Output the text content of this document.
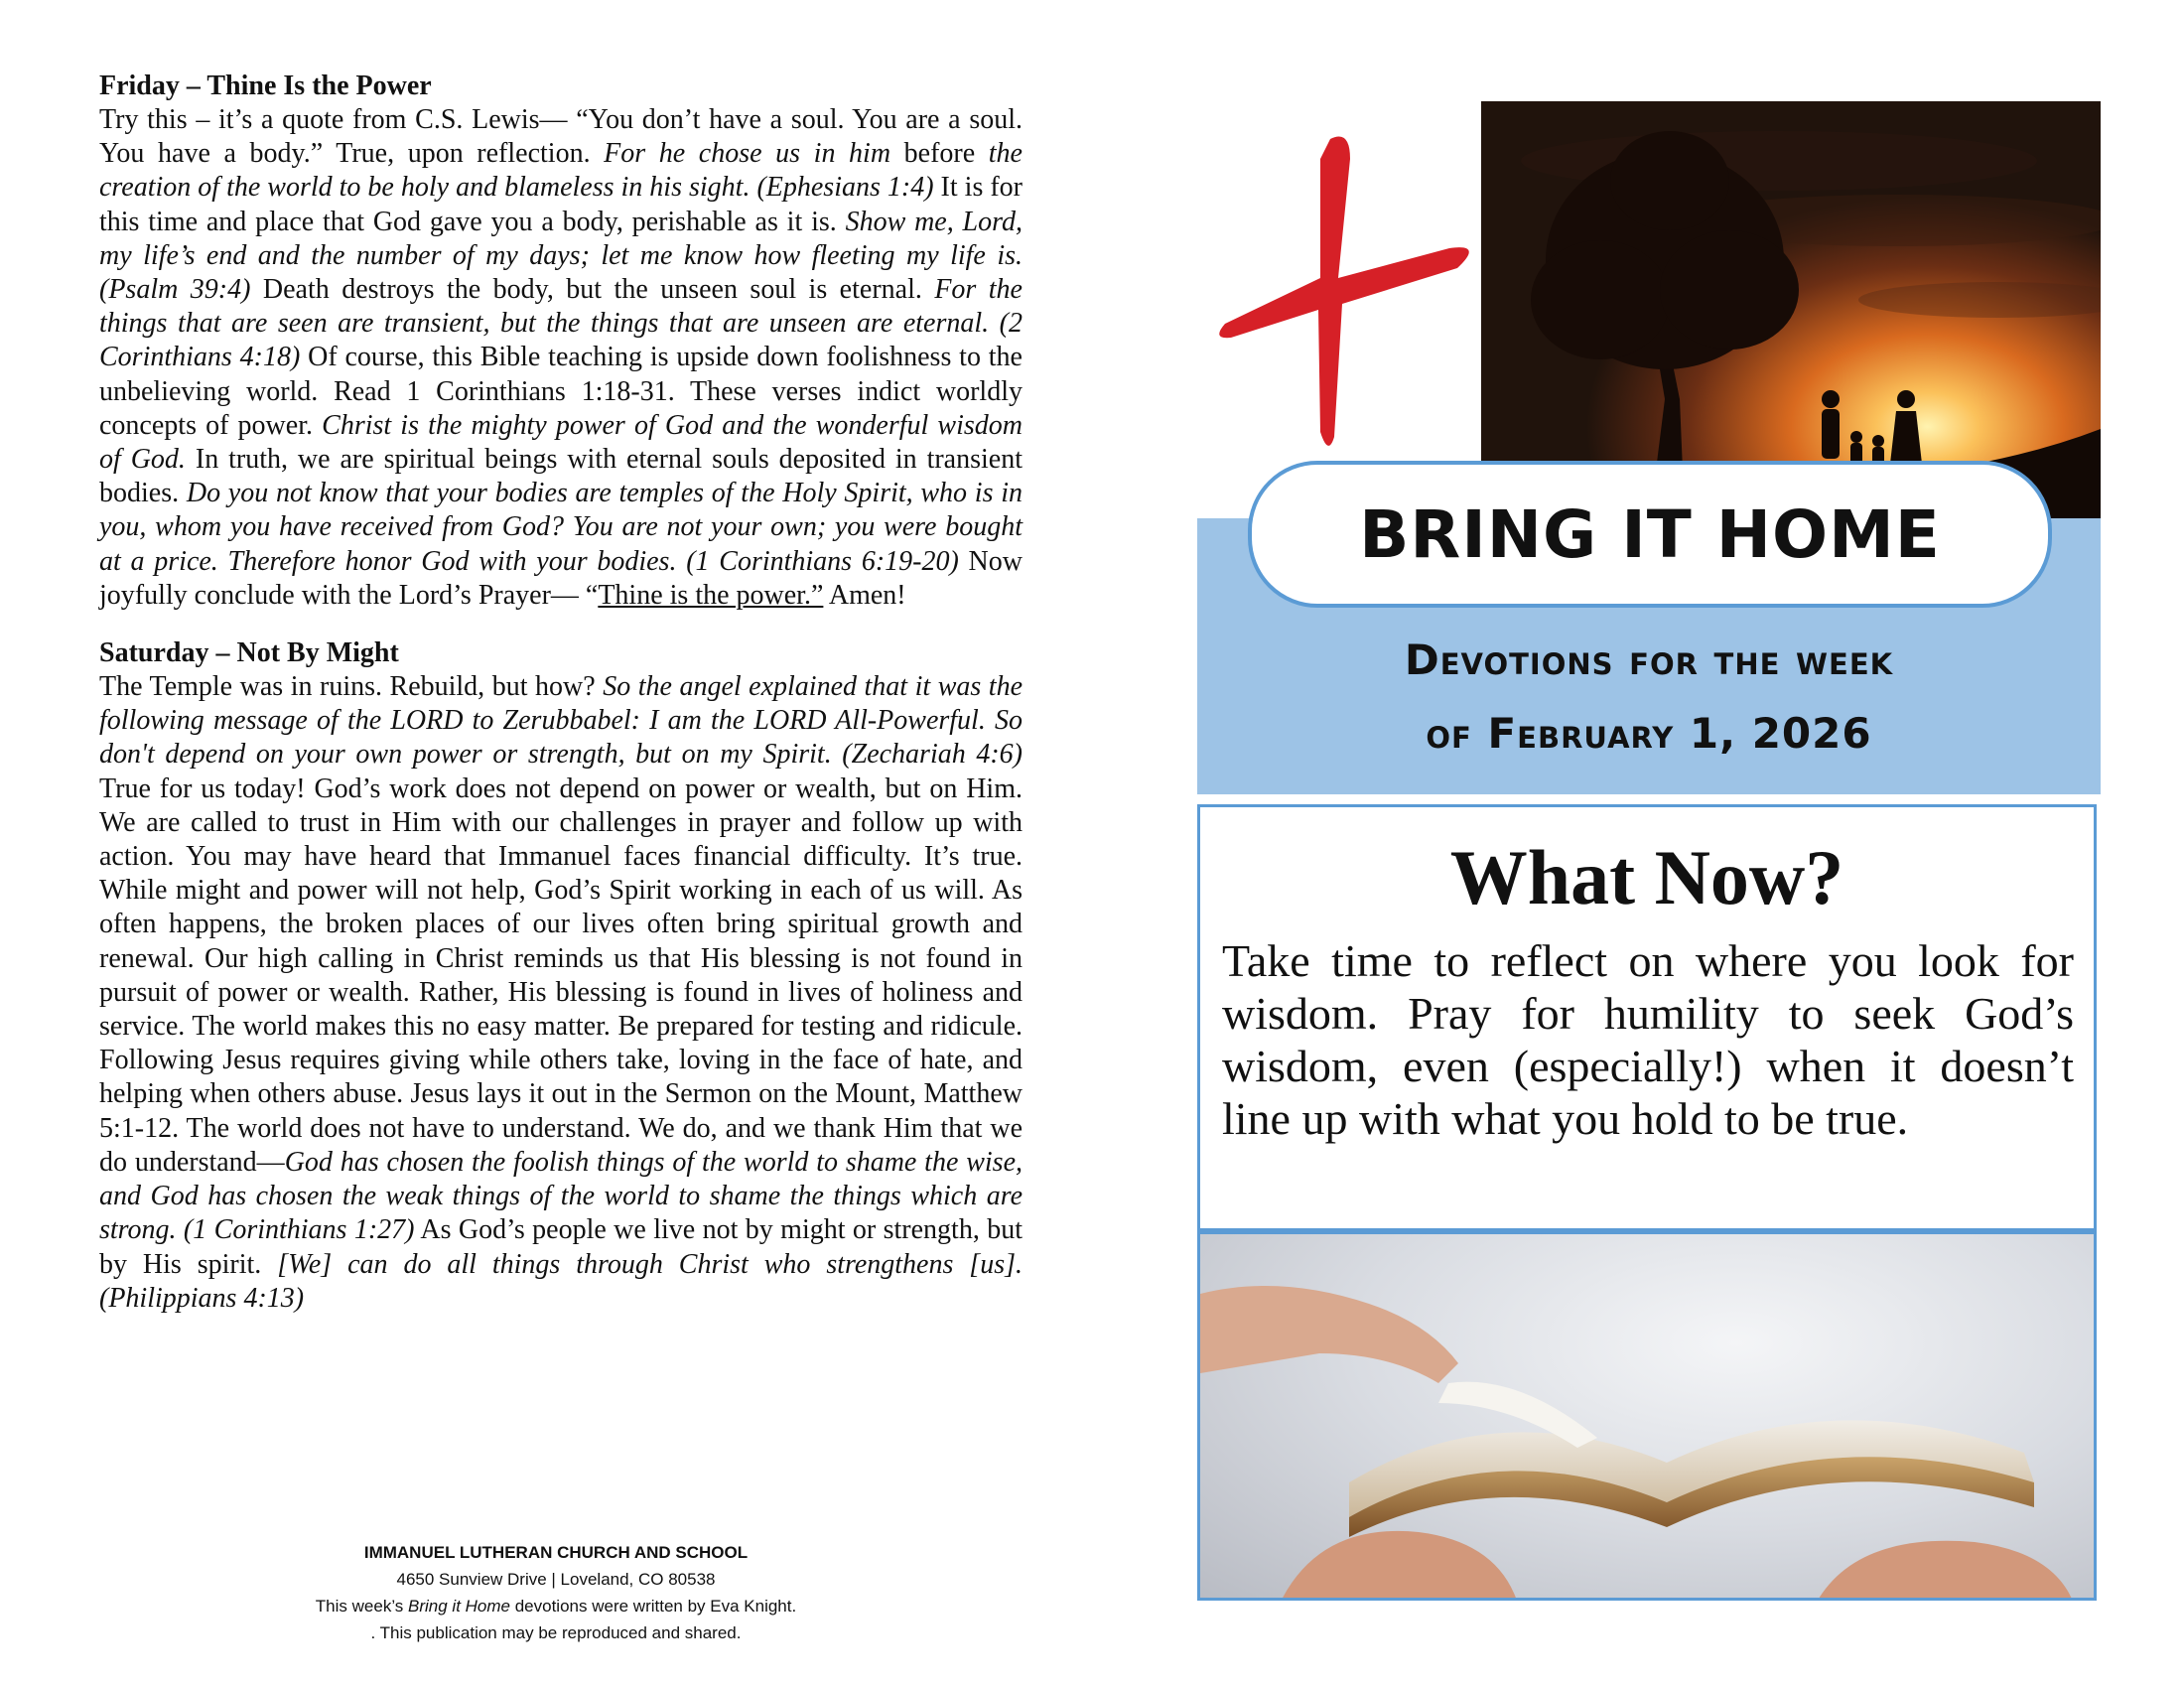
Friday – Thine Is the Power

Try this – it’s a quote from C.S. Lewis— “You don’t have a soul. You are a soul. You have a body.” True, upon reflection. For he chose us in him before the creation of the world to be holy and blameless in his sight. (Ephesians 1:4) It is for this time and place that God gave you a body, perishable as it is. Show me, Lord, my life’s end and the number of my days; let me know how fleeting my life is. (Psalm 39:4) Death destroys the body, but the unseen soul is eternal. For the things that are seen are transient, but the things that are unseen are eternal. (2 Corinthians 4:18) Of course, this Bible teaching is upside down foolishness to the unbelieving world. Read 1 Corinthians 1:18-31. These verses indict worldly concepts of power. Christ is the mighty power of God and the wonderful wisdom of God. In truth, we are spiritual beings with eternal souls deposited in transient bodies. Do you not know that your bodies are temples of the Holy Spirit, who is in you, whom you have received from God? You are not your own; you were bought at a price. Therefore honor God with your bodies. (1 Corinthians 6:19-20) Now joyfully conclude with the Lord’s Prayer— “Thine is the power.” Amen!

Saturday – Not By Might

The Temple was in ruins. Rebuild, but how? So the angel explained that it was the following message of the LORD to Zerubbabel: I am the LORD All-Powerful. So don't depend on your own power or strength, but on my Spirit. (Zechariah 4:6) True for us today! God’s work does not depend on power or wealth, but on Him. We are called to trust in Him with our challenges in prayer and follow up with action. You may have heard that Immanuel faces financial difficulty. It’s true. While might and power will not help, God’s Spirit working in each of us will. As often happens, the broken places of our lives often bring spiritual growth and renewal. Our high calling in Christ reminds us that His blessing is not found in pursuit of power or wealth. Rather, His blessing is found in lives of holiness and service. The world makes this no easy matter. Be prepared for testing and ridicule. Following Jesus requires giving while others take, loving in the face of hate, and helping when others abuse. Jesus lays it out in the Sermon on the Mount, Matthew 5:1-12. The world does not have to understand. We do, and we thank Him that we do understand—God has chosen the foolish things of the world to shame the wise, and God has chosen the weak things of the world to shame the things which are strong. (1 Corinthians 1:27) As God’s people we live not by might or strength, but by His spirit. [We] can do all things through Christ who strengthens [us]. (Philippians 4:13)

IMMANUEL LUTHERAN CHURCH AND SCHOOL
4650 Sunview Drive | Loveland, CO 80538
This week’s Bring it Home devotions were written by Eva Knight.
. This publication may be reproduced and shared.
BRING IT HOME
Devotions for the week
of February 1, 2026
What Now?
Take time to reflect on where you look for wisdom. Pray for humility to seek God’s wisdom, even (especially!) when it doesn’t line up with what you hold to be true.
